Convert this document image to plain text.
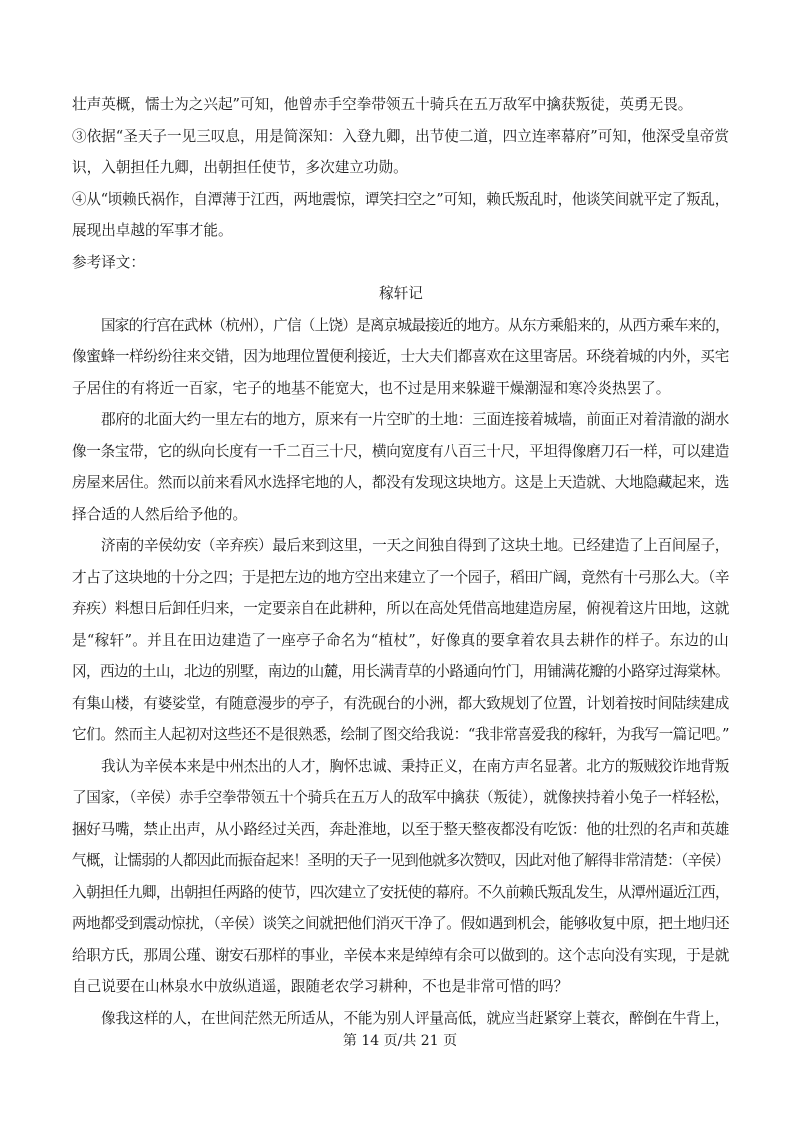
壮声英概，懦士为之兴起”可知，他曾赤手空拳带领五十骑兵在五万敌军中擒获叛徒，英勇无畏。
③依据“圣天子一见三叹息，用是简深知：入登九卿，出节使二道，四立连率幕府”可知，他深受皇帝赏
识，入朝担任九卿，出朝担任使节，多次建立功勋。
④从“顷赖氏祸作，自潭薄于江西，两地震惊，谭笑扫空之”可知，赖氏叛乱时，他谈笑间就平定了叛乱，
展现出卓越的军事才能。
参考译文：
稼轩记
国家的行宫在武林（杭州），广信（上饶）是离京城最接近的地方。从东方乘船来的，从西方乘车来的，
像蜜蜂一样纷纷往来交错，因为地理位置便利接近，士大夫们都喜欢在这里寄居。环绕着城的内外，买宅
子居住的有将近一百家，宅子的地基不能宽大，也不过是用来躲避干燥潮湿和寒冷炎热罢了。
郡府的北面大约一里左右的地方，原来有一片空旷的土地：三面连接着城墙，前面正对着清澈的湖水
像一条宝带，它的纵向长度有一千二百三十尺，横向宽度有八百三十尺，平坦得像磨刀石一样，可以建造
房屋来居住。然而以前来看风水选择宅地的人，都没有发现这块地方。这是上天造就、大地隐藏起来，选
择合适的人然后给予他的。
济南的辛侯幼安（辛弃疾）最后来到这里，一天之间独自得到了这块土地。已经建造了上百间屋子，
才占了这块地的十分之四；于是把左边的地方空出来建立了一个园子，稻田广阔，竟然有十弓那么大。（辛
弃疾）料想日后卸任归来，一定要亲自在此耕种，所以在高处凭借高地建造房屋，俯视着这片田地，这就
是“稼轩”。并且在田边建造了一座亭子命名为“植杖”，好像真的要拿着农具去耕作的样子。东边的山
冈，西边的土山，北边的别墅，南边的山麓，用长满青草的小路通向竹门，用铺满花瓣的小路穿过海棠林。
有集山楼，有婆娑堂，有随意漫步的亭子，有洗砚台的小洲，都大致规划了位置，计划着按时间陆续建成
它们。然而主人起初对这些还不是很熟悉，绘制了图交给我说：“我非常喜爱我的稼轩，为我写一篇记吧。”
我认为辛侯本来是中州杰出的人才，胸怀忠诚、秉持正义，在南方声名显著。北方的叛贼狡诈地背叛
了国家，（辛侯）赤手空拳带领五十个骑兵在五万人的敌军中擒获（叛徒），就像挟持着小兔子一样轻松，
捆好马嘴，禁止出声，从小路经过关西，奔赴淮地，以至于整天整夜都没有吃饭：他的壮烈的名声和英雄
气概，让懦弱的人都因此而振奋起来！圣明的天子一见到他就多次赞叹，因此对他了解得非常清楚：（辛侯）
入朝担任九卿，出朝担任两路的使节，四次建立了安抚使的幕府。不久前赖氏叛乱发生，从潭州逼近江西，
两地都受到震动惊扰，（辛侯）谈笑之间就把他们消灭干净了。假如遇到机会，能够收复中原，把土地归还
给职方氏，那周公瑾、谢安石那样的事业，辛侯本来是绰绰有余可以做到的。这个志向没有实现，于是就
自己说要在山林泉水中放纵逍遥，跟随老农学习耕种，不也是非常可惜的吗？
像我这样的人，在世间茫然无所适从，不能为别人评量高低，就应当赶紧穿上蓑衣，醉倒在牛背上，
第 14 页/共 21 页
